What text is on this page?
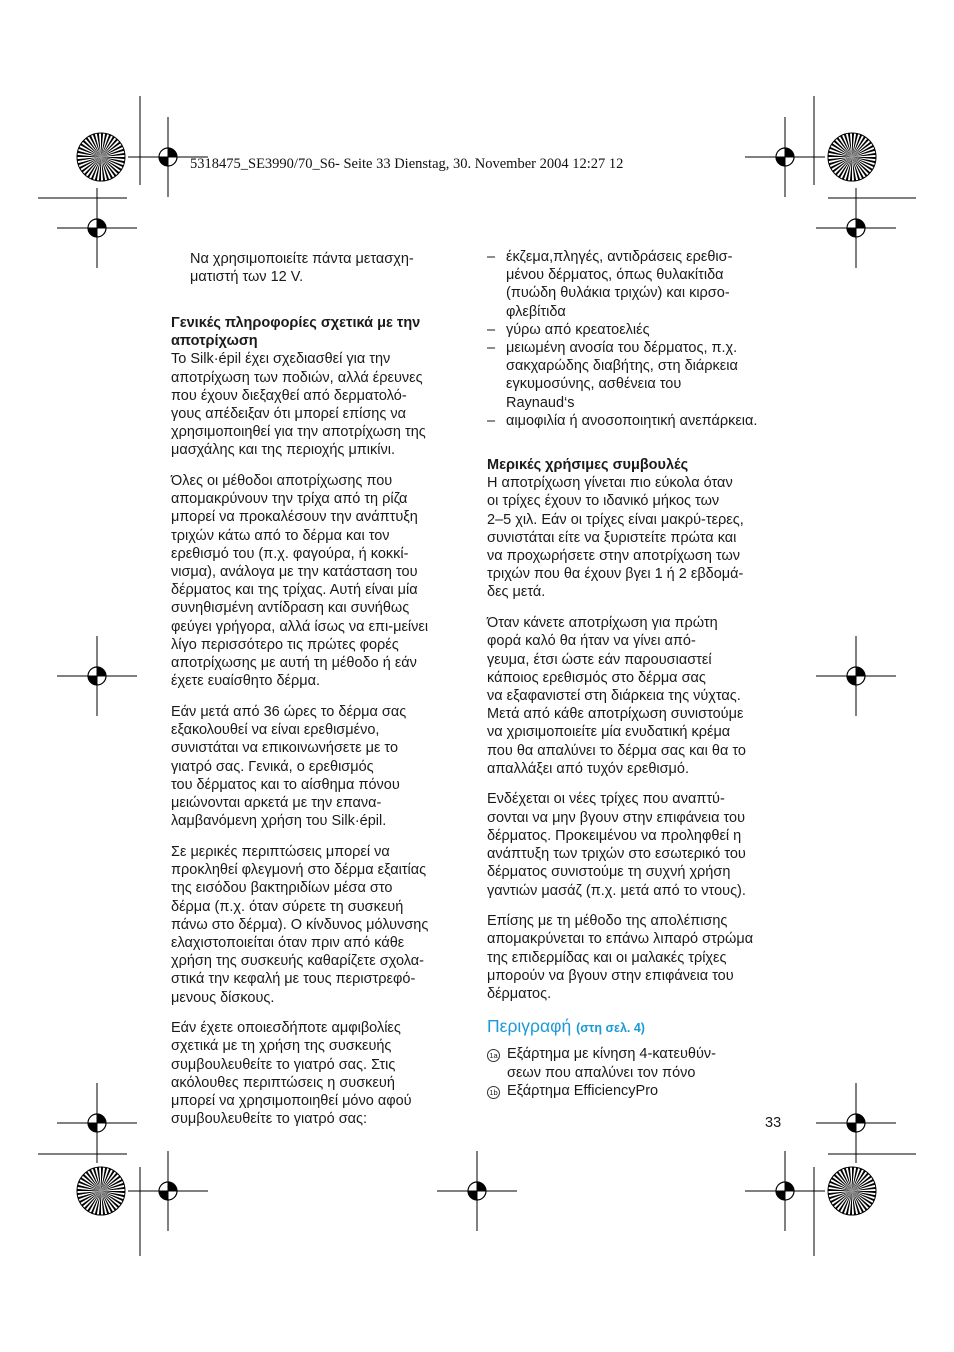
5318475_SE3990/70_S6- Seite 33 Dienstag, 30. November 2004 12:27 12

Να χρησιμοποιείτε πάντα μετασχη-
ματιστή των 12 V.

Γενικές πληροφορίες σχετικά με την
αποτρίχωση

Το Silk·épil έχει σχεδιασθεί για την
αποτρίχωση των ποδιών, αλλά έρευνες
που έχουν διεξαχθεί από δερματολό-
γους απέδειξαν ότι μπορεί επίσης να
χρησιμοποιηθεί για την αποτρίχωση της
μασχάλης και της περιοχής μπικίνι.

Όλες οι μέθοδοι αποτρίχωσης που
απομακρύνουν την τρίχα από τη ρίζα
μπορεί να προκαλέσουν την ανάπτυξη
τριχών κάτω από το δέρμα και τον
ερεθισμό του (π.χ. φαγούρα, ή κοκκί-
νισμα), ανάλογα με την κατάσταση του
δέρματος και της τρίχας. Αυτή είναι μία
συνηθισμένη αντίδραση και συνήθως
φεύγει γρήγορα, αλλά ίσως να επι-μείνει
λίγο περισσότερο τις πρώτες φορές
αποτρίχωσης με αυτή τη μέθοδο ή εάν
έχετε ευαίσθητο δέρμα.

Εάν μετά από 36 ώρες το δέρμα σας
εξακολουθεί να είναι ερεθισμένο,
συνιστάται να επικοινωνήσετε με το
γιατρό σας. Γενικά, ο ερεθισμός
του δέρματος και το αίσθημα πόνου
μειώνονται αρκετά με την επανα-
λαμβανόμενη χρήση του Silk·épil.

Σε μερικές περιπτώσεις μπορεί να
προκληθεί φλεγμονή στο δέρμα εξαιτίας
της εισόδου βακτηριδίων μέσα στο
δέρμα (π.χ. όταν σύρετε τη συσκευή
πάνω στο δέρμα). Ο κίνδυνος μόλυνσης
ελαχιστοποιείται όταν πριν από κάθε
χρήση της συσκευής καθαρίζετε σχολα-
στικά την κεφαλή με τους περιστρεφό-
μενους δίσκους.

Εάν έχετε οποιεσδήποτε αμφιβολίες
σχετικά με τη χρήση της συσκευής
συμβουλευθείτε το γιατρό σας. Στις
ακόλουθες περιπτώσεις η συσκευή
μπορεί να χρησιμοποιηθεί μόνο αφού
συμβουλευθείτε το γιατρό σας:

– έκζεμα,πληγές, αντιδράσεις ερεθισ-
μένου δέρματος, όπως θυλακίτιδα
(πυώδη θυλάκια τριχών) και κιρσο-
φλεβίτιδα
– γύρω από κρεατοελιές
– μειωμένη ανοσία του δέρματος, π.χ.
σακχαρώδης διαβήτης, στη διάρκεια
εγκυμοσύνης, ασθένεια του
Raynaud‘s
– αιμοφιλία ή ανοσοποιητική ανεπάρκεια.
Μερικές χρήσιμες συμβουλές

Η αποτρίχωση γίνεται πιο εύκολα όταν
οι τρίχες έχουν το ιδανικό μήκος των
2–5 χιλ. Εάν οι τρίχες είναι μακρύ-τερες,
συνιστάται είτε να ξυριστείτε πρώτα και
να προχωρήσετε στην αποτρίχωση των
τριχών που θα έχουν βγει 1 ή 2 εβδομά-
δες μετά.

Όταν κάνετε αποτρίχωση για πρώτη
φορά καλό θα ήταν να γίνει από-
γευμα, έτσι ώστε εάν παρουσιαστεί
κάποιος ερεθισμός στο δέρμα σας
να εξαφανιστεί στη διάρκεια της νύχτας.
Μετά από κάθε αποτρίχωση συνιστούμε
να χρισιμοποιείτε μία ενυδατική κρέμα
που θα απαλύνει το δέρμα σας και θα το
απαλλάξει από τυχόν ερεθισμό.

Ενδέχεται οι νέες τρίχες που αναπτύ-
σονται να μην βγουν στην επιφάνεια του
δέρματος. Προκειμένου να προληφθεί η
ανάπτυξη των τριχών στο εσωτερικό του
δέρματος συνιστούμε τη συχνή χρήση
γαντιών μασάζ (π.χ. μετά από το ντους).

Επίσης με τη μέθοδο της απολέπισης
απομακρύνεται το επάνω λιπαρό στρώμα
της επιδερμίδας και οι μαλακές τρίχες
μπορούν να βγουν στην επιφάνεια του
δέρματος.

Περιγραφή (στη σελ. 4)
1a Εξάρτημα με κίνηση 4-κατευθύν-
σεων που απαλύνει τον πόνο
1b Εξάρτημα EfficiencyPro
33
